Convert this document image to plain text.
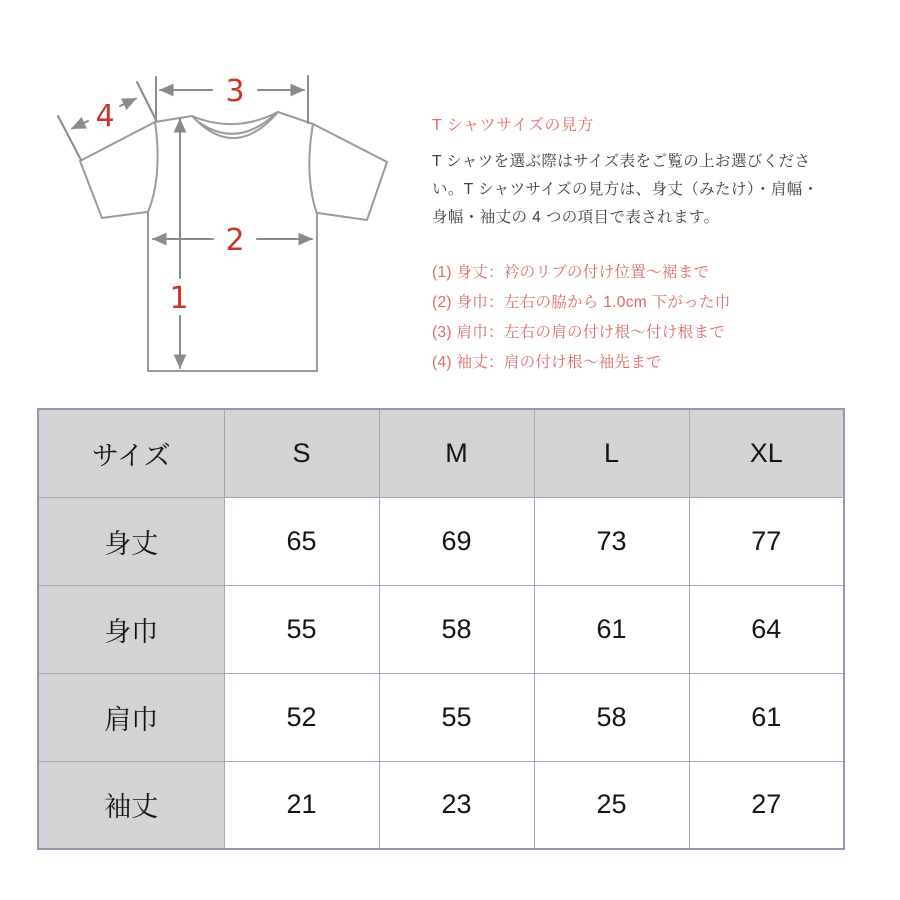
3
4
2
1
T シャツサイズの見方
T シャツを選ぶ際はサイズ表をご覧の上お選びくださ
い。T シャツサイズの見方は、身丈（みたけ）・肩幅・
身幅・袖丈の 4 つの項目で表されます。
(1) 身丈：衿のリブの付け位置〜裾まで
(2) 身巾：左右の脇から 1.0cm 下がった巾
(3) 肩巾：左右の肩の付け根〜付け根まで
(4) 袖丈：肩の付け根〜袖先まで
サイズ	S	M	L	XL
身丈	65	69	73	77
身巾	55	58	61	64
肩巾	52	55	58	61
袖丈	21	23	25	27
